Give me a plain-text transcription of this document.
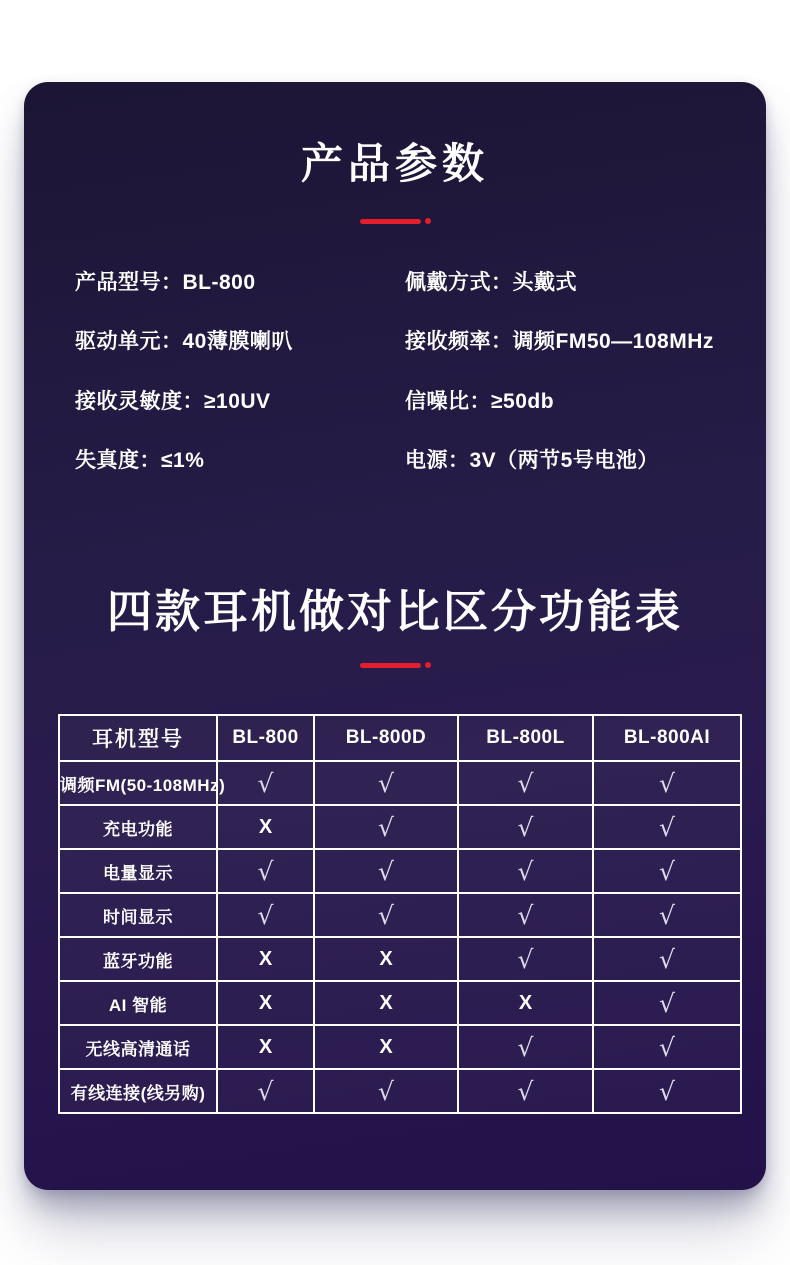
产品参数
产品型号：BL-800
驱动单元：40薄膜喇叭
接收灵敏度：≥10UV
失真度：≤1%
佩戴方式：头戴式
接收频率：调频FM50—108MHz
信噪比：≥50db
电源：3V（两节5号电池）
四款耳机做对比区分功能表
耳机型号	BL-800	BL-800D	BL-800L	BL-800AI
调频FM(50-108MHz)	√	√	√	√
充电功能	X	√	√	√
电量显示	√	√	√	√
时间显示	√	√	√	√
蓝牙功能	X	X	√	√
AI 智能	X	X	X	√
无线高清通话	X	X	√	√
有线连接(线另购)	√	√	√	√
